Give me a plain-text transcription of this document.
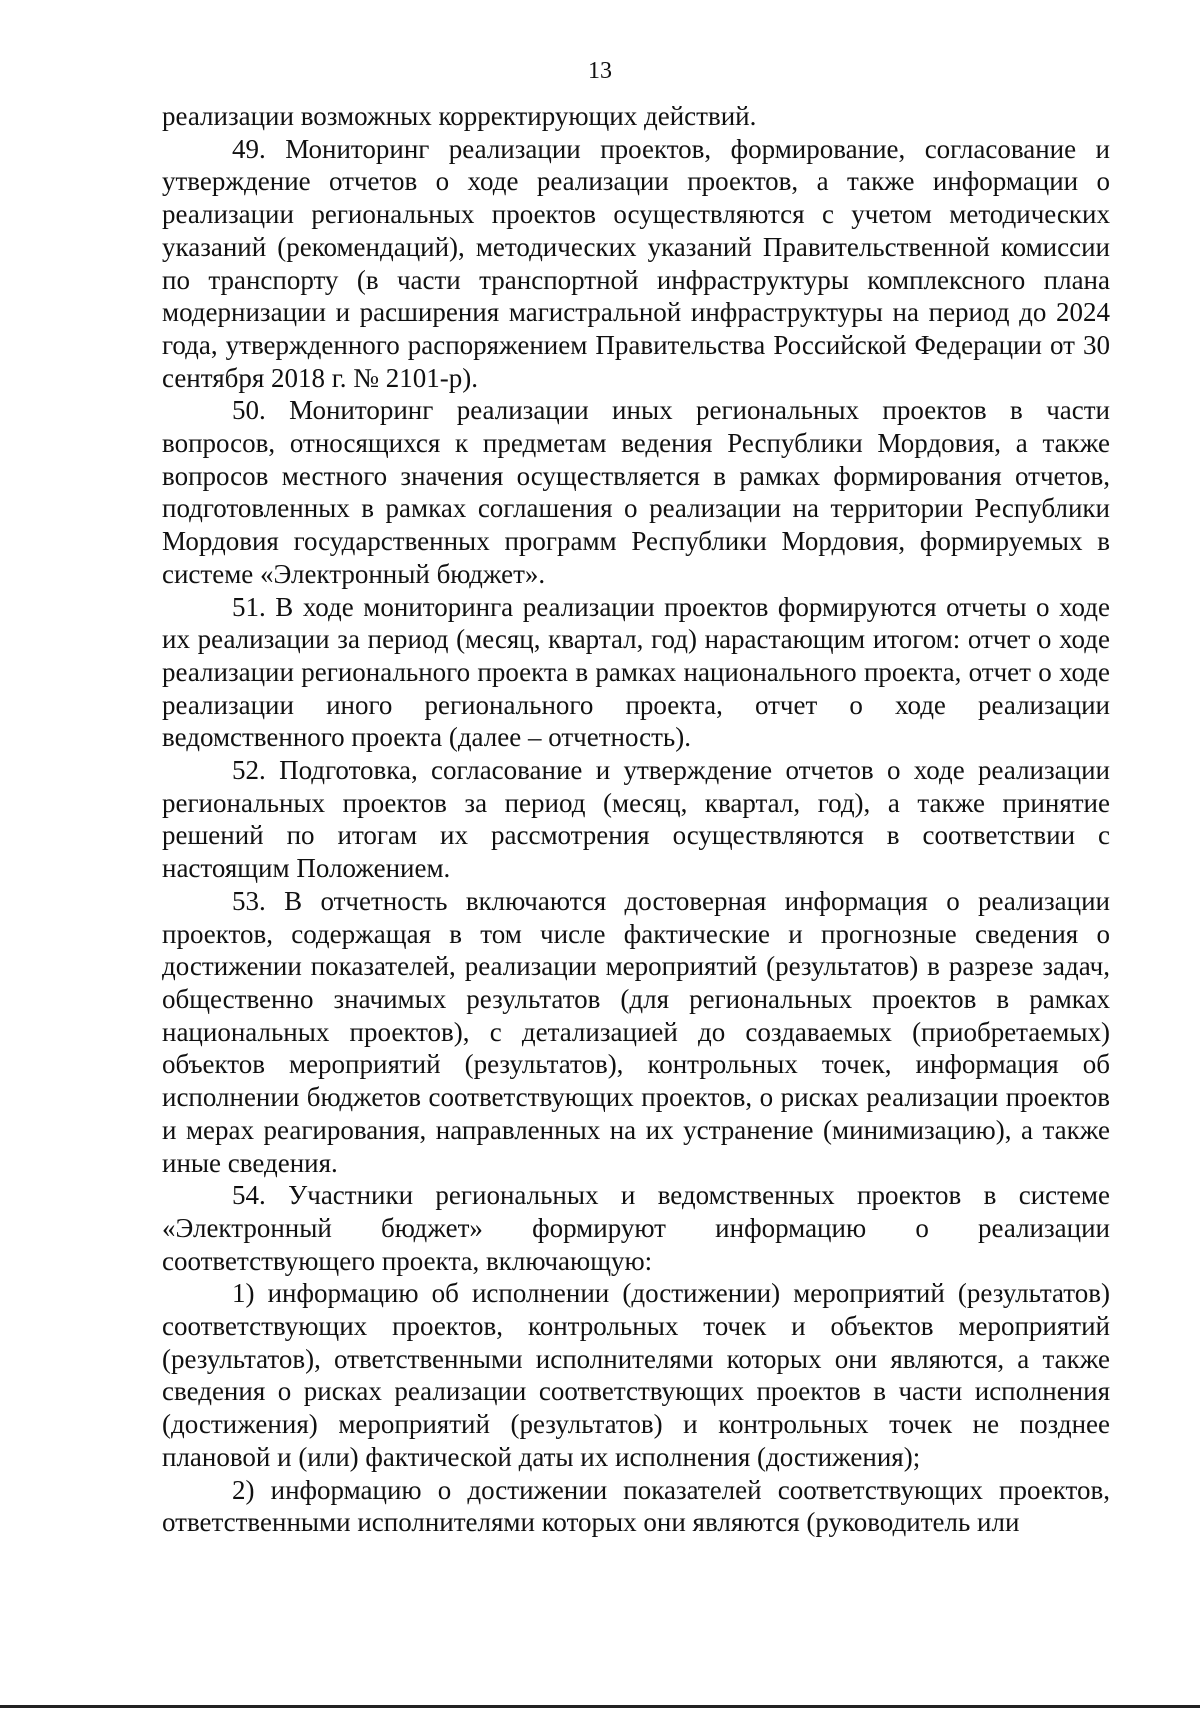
13

реализации возможных корректирующих действий.

49. Мониторинг реализации проектов, формирование, согласование и утверждение отчетов о ходе реализации проектов, а также информации о реализации региональных проектов осуществляются с учетом методических указаний (рекомендаций), методических указаний Правительственной комиссии по транспорту (в части транспортной инфраструктуры комплексного плана модернизации и расширения магистральной инфраструктуры на период до 2024 года, утвержденного распоряжением Правительства Российской Федерации от 30 сентября 2018 г. № 2101-р).

50. Мониторинг реализации иных региональных проектов в части вопросов, относящихся к предметам ведения Республики Мордовия, а также вопросов местного значения осуществляется в рамках формирования отчетов, подготовленных в рамках соглашения о реализации на территории Республики Мордовия государственных программ Республики Мордовия, формируемых в системе «Электронный бюджет».

51. В ходе мониторинга реализации проектов формируются отчеты о ходе их реализации за период (месяц, квартал, год) нарастающим итогом: отчет о ходе реализации регионального проекта в рамках национального проекта, отчет о ходе реализации иного регионального проекта, отчет о ходе реализации ведомственного проекта (далее – отчетность).

52. Подготовка, согласование и утверждение отчетов о ходе реализации региональных проектов за период (месяц, квартал, год), а также принятие решений по итогам их рассмотрения осуществляются в соответствии с настоящим Положением.

53. В отчетность включаются достоверная информация о реализации проектов, содержащая в том числе фактические и прогнозные сведения о достижении показателей, реализации мероприятий (результатов) в разрезе задач, общественно значимых результатов (для региональных проектов в рамках национальных проектов), с детализацией до создаваемых (приобретаемых) объектов мероприятий (результатов), контрольных точек, информация об исполнении бюджетов соответствующих проектов, о рисках реализации проектов и мерах реагирования, направленных на их устранение (минимизацию), а также иные сведения.

54. Участники региональных и ведомственных проектов в системе «Электронный бюджет» формируют информацию о реализации соответствующего проекта, включающую:

1) информацию об исполнении (достижении) мероприятий (результатов) соответствующих проектов, контрольных точек и объектов мероприятий (результатов), ответственными исполнителями которых они являются, а также сведения о рисках реализации соответствующих проектов в части исполнения (достижения) мероприятий (результатов) и контрольных точек не позднее плановой и (или) фактической даты их исполнения (достижения);

2) информацию о достижении показателей соответствующих проектов, ответственными исполнителями которых они являются (руководитель или
